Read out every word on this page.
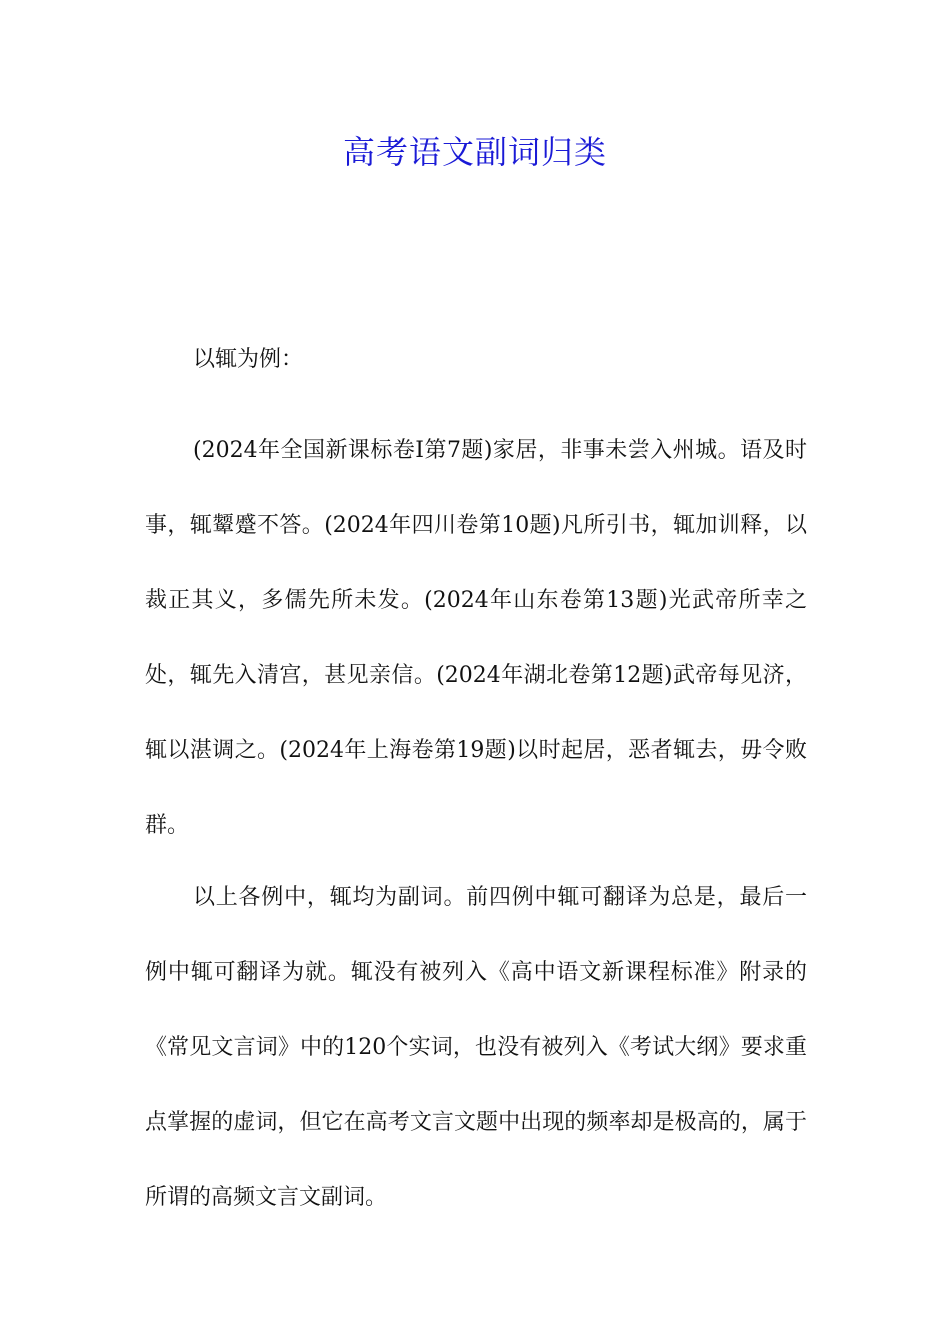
高考语文副词归类

以辄为例：

(2024年全国新课标卷Ⅰ第7题)家居，非事未尝入州城。语及时事，辄颦蹙不答。(2024年四川卷第10题)凡所引书，辄加训释，以裁正其义，多儒先所未发。(2024年山东卷第13题)光武帝所幸之处，辄先入清宫，甚见亲信。(2024年湖北卷第12题)武帝每见济，辄以湛调之。(2024年上海卷第19题)以时起居，恶者辄去，毋令败群。

以上各例中，辄均为副词。前四例中辄可翻译为总是，最后一例中辄可翻译为就。辄没有被列入《高中语文新课程标准》附录的《常见文言词》中的120个实词，也没有被列入《考试大纲》要求重点掌握的虚词，但它在高考文言文题中出现的频率却是极高的，属于所谓的高频文言文副词。
